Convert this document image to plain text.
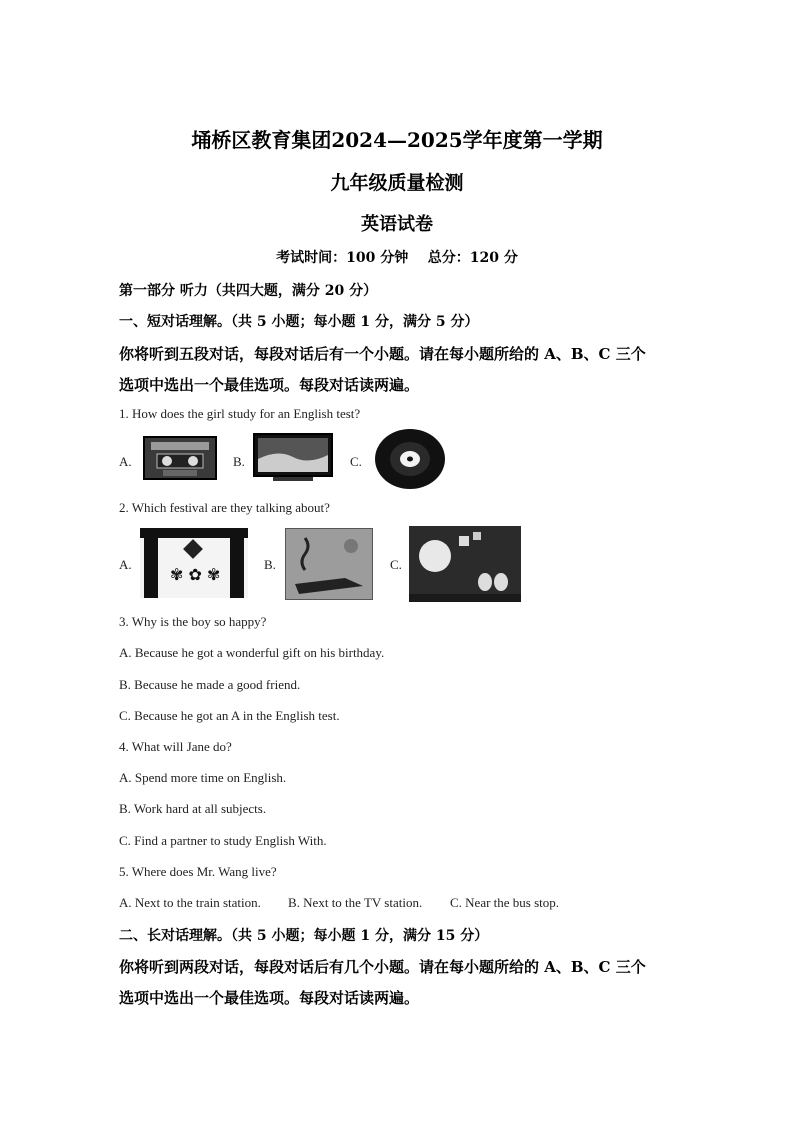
埇桥区教育集团2024—2025学年度第一学期
九年级质量检测
英语试卷
考试时间：100 分钟    总分：120 分
第一部分 听力（共四大题，满分 20 分）
一、短对话理解。（共 5 小题；每小题 1 分，满分 5 分）
你将听到五段对话，每段对话后有一个小题。请在每小题所给的 A、B、C 三个
选项中选出一个最佳选项。每段对话读两遍。
1. How does the girl study for an English test?
A.	B.	C.
2. Which festival are they talking about?
A.
✾ ✿ ✾
B.	C.
3. Why is the boy so happy?
A. Because he got a wonderful gift on his birthday.
B. Because he made a good friend.
C. Because he got an A in the English test.
4. What will Jane do?
A. Spend more time on English.
B. Work hard at all subjects.
C. Find a partner to study English With.
5. Where does Mr. Wang live?
A. Next to the train station. B. Next to the TV station. C. Near the bus stop.
二、长对话理解。（共 5 小题；每小题 1 分，满分 15 分）
你将听到两段对话，每段对话后有几个小题。请在每小题所给的 A、B、C 三个
选项中选出一个最佳选项。每段对话读两遍。
